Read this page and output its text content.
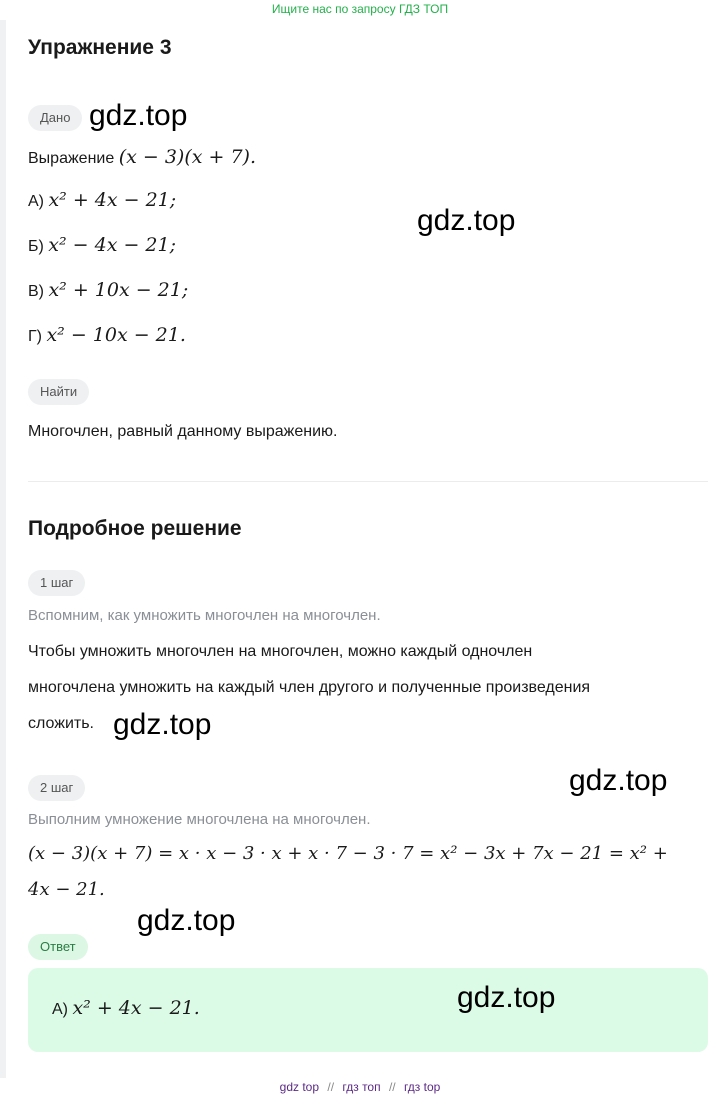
Ищите нас по запросу ГДЗ ТОП
Упражнение 3
Дано gdz.top
Выражение (x − 3)(x + 7).
gdz.top
А) x² + 4x − 21;
Б) x² − 4x − 21;
В) x² + 10x − 21;
Г) x² − 10x − 21.
Найти
Многочлен, равный данному выражению.
Подробное решение
1 шаг
Вспомним, как умножить многочлен на многочлен.
Чтобы умножить многочлен на многочлен, можно каждый одночлен
многочлена умножить на каждый член другого и полученные произведения
сложить. gdz.top
gdz.top
2 шаг
Выполним умножение многочлена на многочлен.
(x − 3)(x + 7) = x · x − 3 · x + x · 7 − 3 · 7 = x² − 3x + 7x − 21 = x² +
4x − 21.
gdz.top
Ответ
А) x² + 4x − 21.	gdz.top
gdz top // гдз топ // гдз top
